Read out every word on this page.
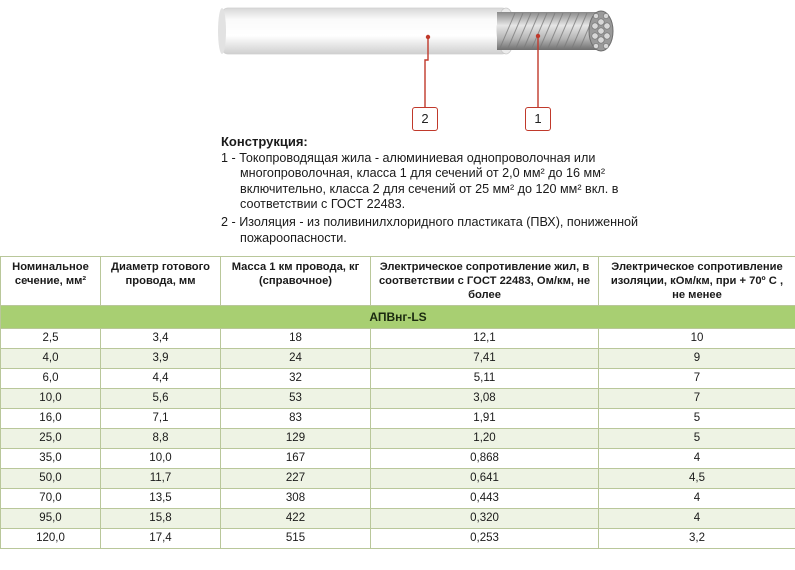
2	1
Конструкция:
1 - Токопроводящая жила - алюминиевая однопроволочная или многопроволочная, класса 1 для сечений от 2,0 мм² до 16 мм² включительно, класса 2 для сечений от 25 мм² до 120 мм² вкл. в соответствии с ГОСТ 22483.
2 - Изоляция - из поливинилхлоридного пластиката (ПВХ), пониженной пожароопасности.
Номинальное сечение, мм²	Диаметр готового провода, мм	Масса 1 км провода, кг (справочное)	Электрическое сопротивление жил, в соответствии с ГОСТ 22483, Ом/км, не более	Электрическое сопротивление изоляции, кОм/км, при + 70º С , не менее
АПВнг-LS				
2,5	3,4	18	12,1	10
4,0	3,9	24	7,41	9
6,0	4,4	32	5,11	7
10,0	5,6	53	3,08	7
16,0	7,1	83	1,91	5
25,0	8,8	129	1,20	5
35,0	10,0	167	0,868	4
50,0	11,7	227	0,641	4,5
70,0	13,5	308	0,443	4
95,0	15,8	422	0,320	4
120,0	17,4	515	0,253	3,2
